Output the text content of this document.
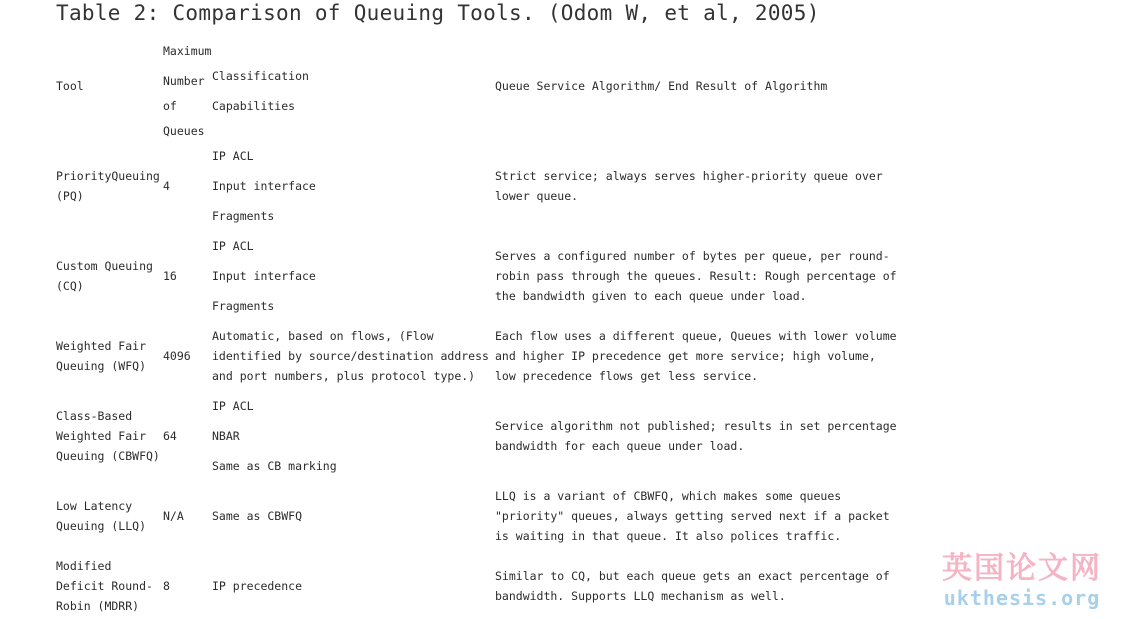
Table 2: Comparison of Queuing Tools. (Odom W, et al, 2005)
Tool
Maximum
Number
of
Queues
Classification
Capabilities
Queue Service Algorithm/ End Result of Algorithm
PriorityQueuing
(PQ)
4
IP ACL
Input interface
Fragments
Strict service; always serves higher-priority queue over
lower queue.
Custom Queuing
(CQ)
16
IP ACL
Input interface
Fragments
Serves a configured number of bytes per queue, per round-
robin pass through the queues. Result: Rough percentage of
the bandwidth given to each queue under load.
Weighted Fair
Queuing (WFQ)
4096
Automatic, based on flows, (Flow
identified by source/destination address
and port numbers, plus protocol type.)
Each flow uses a different queue, Queues with lower volume
and higher IP precedence get more service; high volume,
low precedence flows get less service.
Class-Based
Weighted Fair
Queuing (CBWFQ)
64
IP ACL
NBAR
Same as CB marking
Service algorithm not published; results in set percentage
bandwidth for each queue under load.
Low Latency
Queuing (LLQ)
N/A Same as CBWFQ
LLQ is a variant of CBWFQ, which makes some queues
"priority" queues, always getting served next if a packet
is waiting in that queue. It also polices traffic.
Modified
Deficit Round-
Robin (MDRR)
8	IP precedence
Similar to CQ, but each queue gets an exact percentage of
bandwidth. Supports LLQ mechanism as well.
英国论文网
ukthesis.org
